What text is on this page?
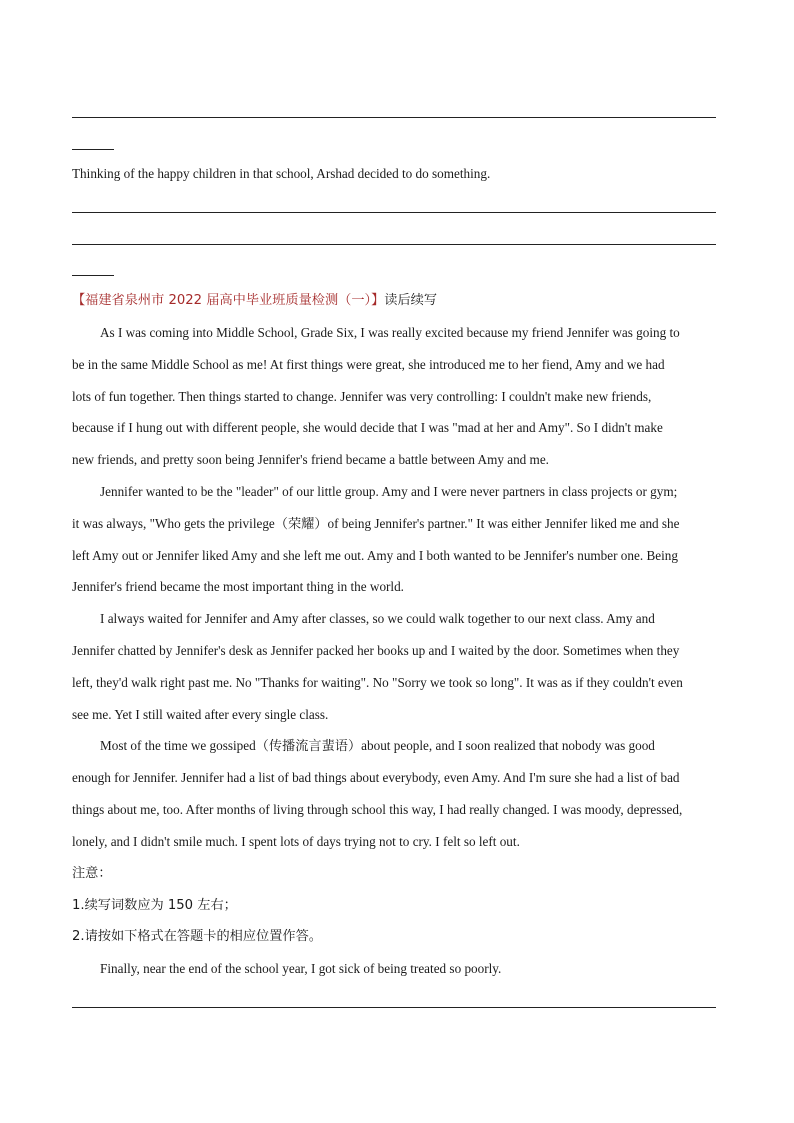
Thinking of the happy children in that school, Arshad decided to do something.
【福建省泉州市 2022 届高中毕业班质量检测（一）】读后续写
As I was coming into Middle School, Grade Six, I was really excited because my friend Jennifer was going to
be in the same Middle School as me! At first things were great, she introduced me to her fiend, Amy and we had
lots of fun together. Then things started to change. Jennifer was very controlling: I couldn't make new friends,
because if I hung out with different people, she would decide that I was "mad at her and Amy". So I didn't make
new friends, and pretty soon being Jennifer's friend became a battle between Amy and me.
Jennifer wanted to be the "leader" of our little group. Amy and I were never partners in class projects or gym;
it was always, "Who gets the privilege（荣耀）of being Jennifer's partner." It was either Jennifer liked me and she
left Amy out or Jennifer liked Amy and she left me out. Amy and I both wanted to be Jennifer's number one. Being
Jennifer's friend became the most important thing in the world.
I always waited for Jennifer and Amy after classes, so we could walk together to our next class. Amy and
Jennifer chatted by Jennifer's desk as Jennifer packed her books up and I waited by the door. Sometimes when they
left, they'd walk right past me. No "Thanks for waiting". No "Sorry we took so long". It was as if they couldn't even
see me. Yet I still waited after every single class.
Most of the time we gossiped（传播流言蜚语）about people, and I soon realized that nobody was good
enough for Jennifer. Jennifer had a list of bad things about everybody, even Amy. And I'm sure she had a list of bad
things about me, too. After months of living through school this way, I had really changed. I was moody, depressed,
lonely, and I didn't smile much. I spent lots of days trying not to cry. I felt so left out.
注意：
1.续写词数应为 150 左右；
2.请按如下格式在答题卡的相应位置作答。
Finally, near the end of the school year, I got sick of being treated so poorly.
